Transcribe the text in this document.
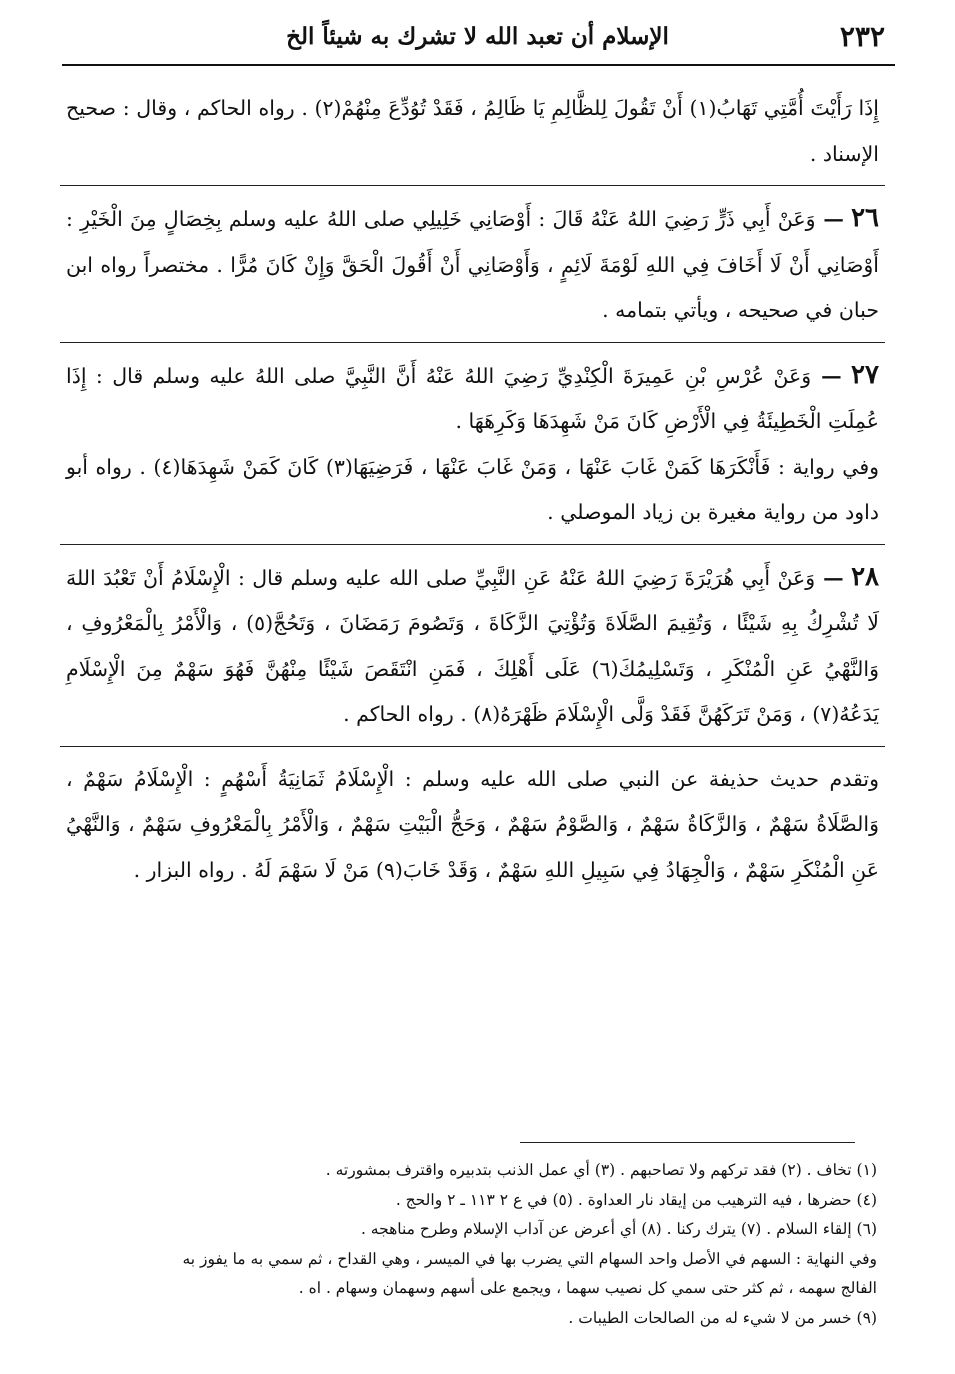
٢٣٢
الإسلام أن تعبد الله لا تشرك به شيئاً الخ

إِذَا رَأَيْتَ أُمَّتِي تَهَابُ(١) أَنْ تَقُولَ لِلظَّالِمِ يَا ظَالِمُ ، فَقَدْ تُوُدِّعَ مِنْهُمْ(٢) . رواه الحاكم ، وقال : صحيح الإسناد .

٢٦ — وَعَنْ أَبِي ذَرٍّ رَضِيَ اللهُ عَنْهُ قَالَ : أَوْصَانِي خَلِيلِي صلى اللهُ عليه وسلم بِخِصَالٍ مِنَ الْخَيْرِ : أَوْصَانِي أَنْ لَا أَخَافَ فِي اللهِ لَوْمَةَ لَائِمٍ ، وَأَوْصَانِي أَنْ أَقُولَ الْحَقَّ وَإِنْ كَانَ مُرًّا . مختصراً رواه ابن حبان في صحيحه ، ويأتي بتمامه .

٢٧ — وَعَنْ عُرْسِ بْنِ عَمِيرَةَ الْكِنْدِيِّ رَضِيَ اللهُ عَنْهُ أَنَّ النَّبِيَّ صلى اللهُ عليه وسلم قال : إِذَا عُمِلَتِ الْخَطِيئَةُ فِي الْأَرْضِ كَانَ مَنْ شَهِدَهَا وَكَرِهَهَا .

وفي رواية : فَأَنْكَرَهَا كَمَنْ غَابَ عَنْهَا ، وَمَنْ غَابَ عَنْهَا ، فَرَضِيَهَا(٣) كَانَ كَمَنْ شَهِدَهَا(٤) . رواه أبو داود من رواية مغيرة بن زياد الموصلي .

٢٨ — وَعَنْ أَبِي هُرَيْرَةَ رَضِيَ اللهُ عَنْهُ عَنِ النَّبِيِّ صلى الله عليه وسلم قال : الْإِسْلَامُ أَنْ تَعْبُدَ اللهَ لَا تُشْرِكُ بِهِ شَيْئًا ، وَتُقِيمَ الصَّلَاةَ وَتُؤْتِيَ الزَّكَاةَ ، وَتَصُومَ رَمَضَانَ ، وَتَحُجَّ(٥) ، وَالْأَمْرُ بِالْمَعْرُوفِ ، وَالنَّهْيُ عَنِ الْمُنْكَرِ ، وَتَسْلِيمُكَ(٦) عَلَى أَهْلِكَ ، فَمَنِ انْتَقَصَ شَيْئًا مِنْهُنَّ فَهُوَ سَهْمٌ مِنَ الْإِسْلَامِ يَدَعُهُ(٧) ، وَمَنْ تَرَكَهُنَّ فَقَدْ وَلَّى الْإِسْلَامَ ظَهْرَهُ(٨) . رواه الحاكم .

وتقدم حديث حذيفة عن النبي صلى الله عليه وسلم : الْإِسْلَامُ ثَمَانِيَةُ أَسْهُمٍ : الْإِسْلَامُ سَهْمٌ ، وَالصَّلَاةُ سَهْمٌ ، وَالزَّكَاةُ سَهْمٌ ، وَالصَّوْمُ سَهْمٌ ، وَحَجُّ الْبَيْتِ سَهْمٌ ، وَالْأَمْرُ بِالْمَعْرُوفِ سَهْمٌ ، وَالنَّهْيُ عَنِ الْمُنْكَرِ سَهْمٌ ، وَالْجِهَادُ فِي سَبِيلِ اللهِ سَهْمٌ ، وَقَدْ خَابَ(٩) مَنْ لَا سَهْمَ لَهُ . رواه البزار .

(١) تخاف . (٢) فقد تركهم ولا تصاحبهم . (٣) أي عمل الذنب بتدبيره واقترف بمشورته .
(٤) حضرها ، فيه الترهيب من إيقاد نار العداوة . (٥) في ع ٢ ١١٣ ـ ٢ والحج .
(٦) إلقاء السلام . (٧) يترك ركنا . (٨) أي أعرض عن آداب الإسلام وطرح مناهجه .
وفي النهاية : السهم في الأصل واحد السهام التي يضرب بها في الميسر ، وهي القداح ، ثم سمي به ما يفوز به
الفالج سهمه ، ثم كثر حتى سمي كل نصيب سهما ، ويجمع على أسهم وسهمان وسهام . اه .
(٩) خسر من لا شيء له من الصالحات الطيبات .
